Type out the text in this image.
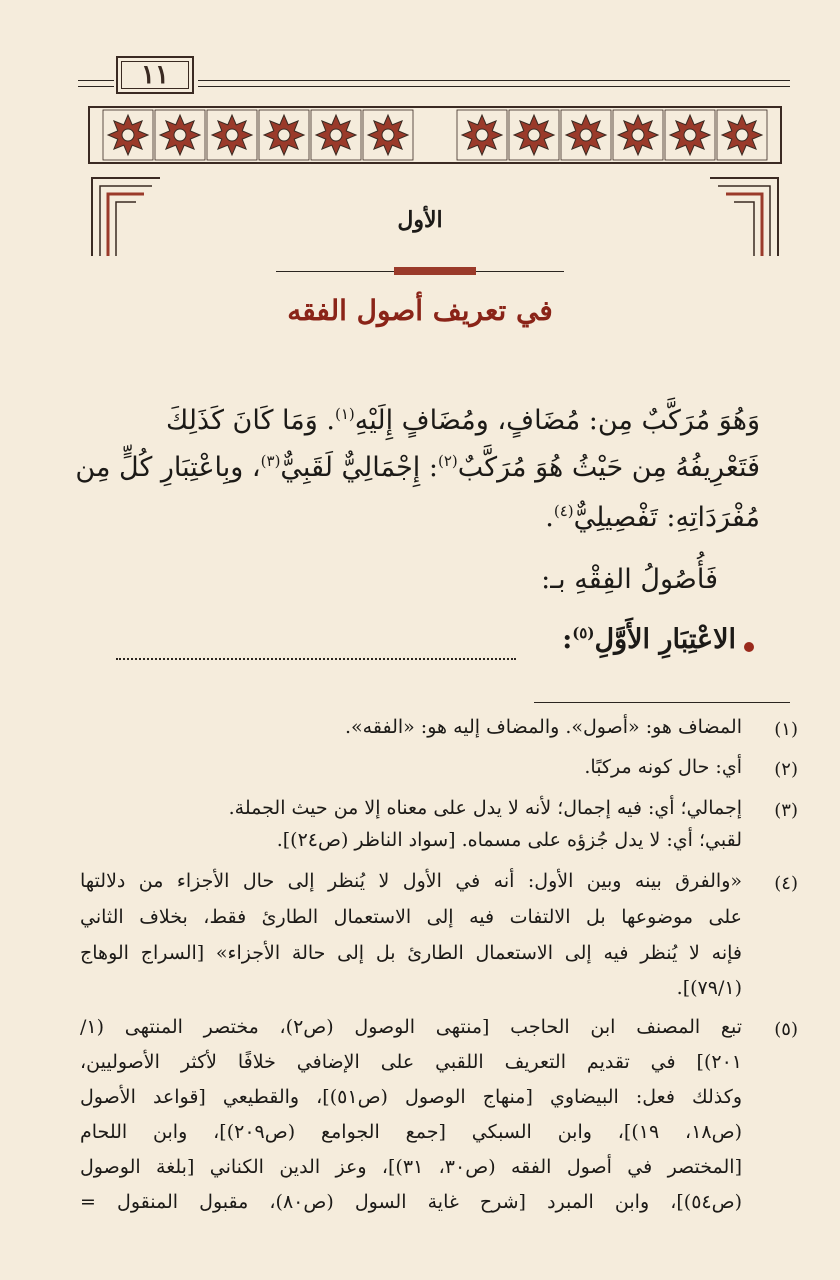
١١
الأول
في تعريف أصول الفقه
وَهُوَ مُرَكَّبٌ مِن: مُضَافٍ، ومُضَافٍ إِلَيْهِ$^{(١)}$. وَمَا كَانَ كَذَلِكَ
فَتَعْرِيفُهُ مِن حَيْثُ هُوَ مُرَكَّبٌ$^{(٢)}$: إِجْمَالِيٌّ لَقَبِيٌّ$^{(٣)}$، وبِاعْتِبَارِ كُلٍّ مِن
مُفْرَدَاتِهِ: تَفْصِيلِيٌّ$^{(٤)}$.
فَأُصُولُ الفِقْهِ بـ:
الاعْتِبَارِ الأَوَّلِ$^{(٥)}$:
(١)
المضاف هو: «أصول». والمضاف إليه هو: «الفقه».
(٢)
أي: حال كونه مركبًا.
(٣)
إجمالي؛ أي: فيه إجمال؛ لأنه لا يدل على معناه إلا من حيث الجملة.
لقبي؛ أي: لا يدل جُزؤه على مسماه. [سواد الناظر (ص٢٤)].
(٤)
«والفرق بينه وبين الأول: أنه في الأول لا يُنظر إلى حال الأجزاء من دلالتها
على موضوعها بل الالتفات فيه إلى الاستعمال الطارئ فقط، بخلاف الثاني
فإنه لا يُنظر فيه إلى الاستعمال الطارئ بل إلى حالة الأجزاء» [السراج الوهاج
(٧٩/١)].
(٥)
تبع المصنف ابن الحاجب [منتهى الوصول (ص٢)، مختصر المنتهى (١/
٢٠١)] في تقديم التعريف اللقبي على الإضافي خلافًا لأكثر الأصوليين،
وكذلك فعل: البيضاوي [منهاج الوصول (ص٥١)]، والقطيعي [قواعد الأصول
(ص١٨، ١٩)]، وابن السبكي [جمع الجوامع (ص٢٠٩)]، وابن اللحام
[المختصر في أصول الفقه (ص٣٠، ٣١)]، وعز الدين الكناني [بلغة الوصول
(ص٥٤)]، وابن المبرد [شرح غاية السول (ص٨٠)، مقبول المنقول =
